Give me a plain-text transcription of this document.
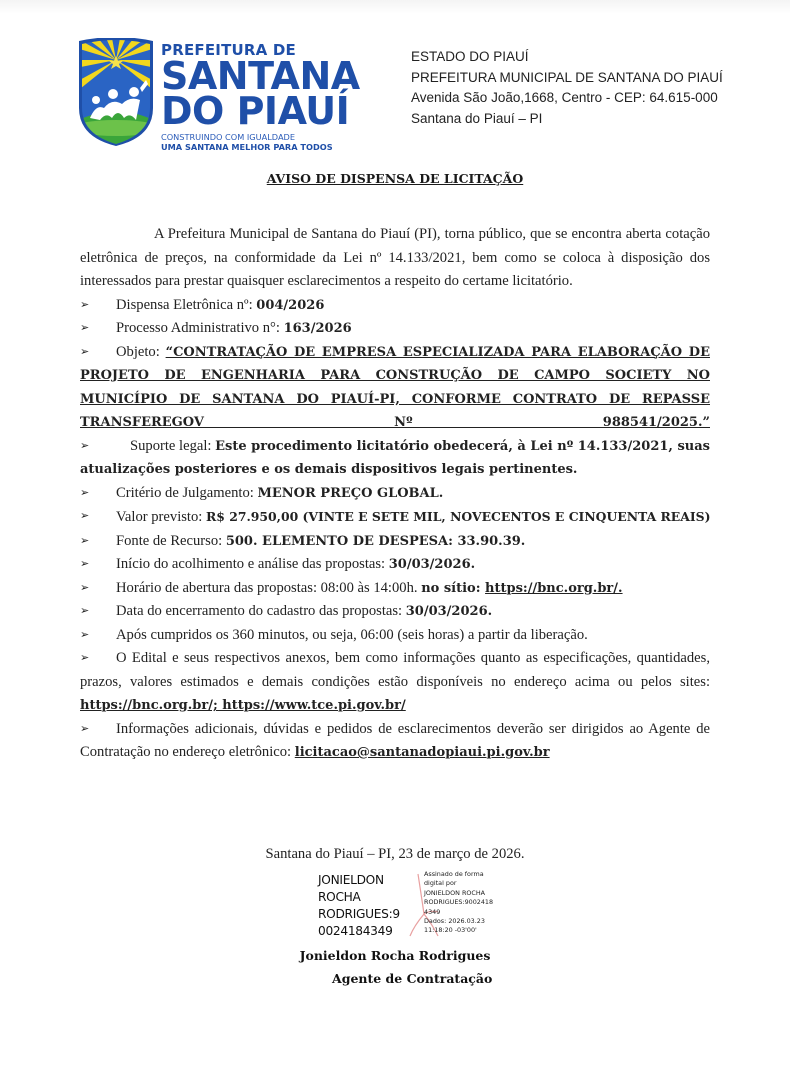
PREFEITURA DE
SANTANA
DO PIAUÍ
CONSTRUINDO COM IGUALDADE
UMA SANTANA MELHOR PARA TODOS
ESTADO DO PIAUÍ
PREFEITURA MUNICIPAL DE SANTANA DO PIAUÍ
Avenida São João,1668, Centro - CEP: 64.615-000
Santana do Piauí – PI
AVISO DE DISPENSA DE LICITAÇÃO

A Prefeitura Municipal de Santana do Piauí (PI), torna público, que se encontra aberta cotação eletrônica de preços, na conformidade da Lei nº 14.133/2021, bem como se coloca à disposição dos interessados para prestar quaisquer esclarecimentos a respeito do certame licitatório.

➢	Dispensa Eletrônica nº: 004/2026

➢	Processo Administrativo n°: 163/2026

➢	Objeto: “CONTRATAÇÃO DE EMPRESA ESPECIALIZADA PARA ELABORAÇÃO DE PROJETO DE ENGENHARIA PARA CONSTRUÇÃO DE CAMPO SOCIETY NO MUNICÍPIO DE SANTANA DO PIAUÍ-PI, CONFORME CONTRATO DE REPASSE TRANSFEREGOV Nº 988541/2025.”

➢	Suporte legal: Este procedimento licitatório obedecerá, à Lei nº 14.133/2021, suas atualizações posteriores e os demais dispositivos legais pertinentes.

➢	Critério de Julgamento: MENOR PREÇO GLOBAL.

➢	Valor previsto: R$ 27.950,00 (VINTE E SETE MIL, NOVECENTOS E CINQUENTA REAIS)

➢	Fonte de Recurso: 500. ELEMENTO DE DESPESA: 33.90.39.

➢	Início do acolhimento e análise das propostas: 30/03/2026.

➢	Horário de abertura das propostas: 08:00 às 14:00h. no sítio: https://bnc.org.br/.

➢	Data do encerramento do cadastro das propostas: 30/03/2026.

➢	Após cumpridos os 360 minutos, ou seja, 06:00 (seis horas) a partir da liberação.

➢	O Edital e seus respectivos anexos, bem como informações quanto as especificações, quantidades, prazos, valores estimados e demais condições estão disponíveis no endereço acima ou pelos sites: https://bnc.org.br/; https://www.tce.pi.gov.br/

➢	Informações adicionais, dúvidas e pedidos de esclarecimentos deverão ser dirigidos ao Agente de Contratação no endereço eletrônico: licitacao@santanadopiaui.pi.gov.br

Santana do Piauí – PI, 23 de março de 2026.
JONIELDON
ROCHA
RODRIGUES:9
0024184349
Assinado de forma
digital por
JONIELDON ROCHA
RODRIGUES:9002418
4349
Dados: 2026.03.23
11:18:20 -03'00'
Jonieldon Rocha Rodrigues
Agente de Contratação
